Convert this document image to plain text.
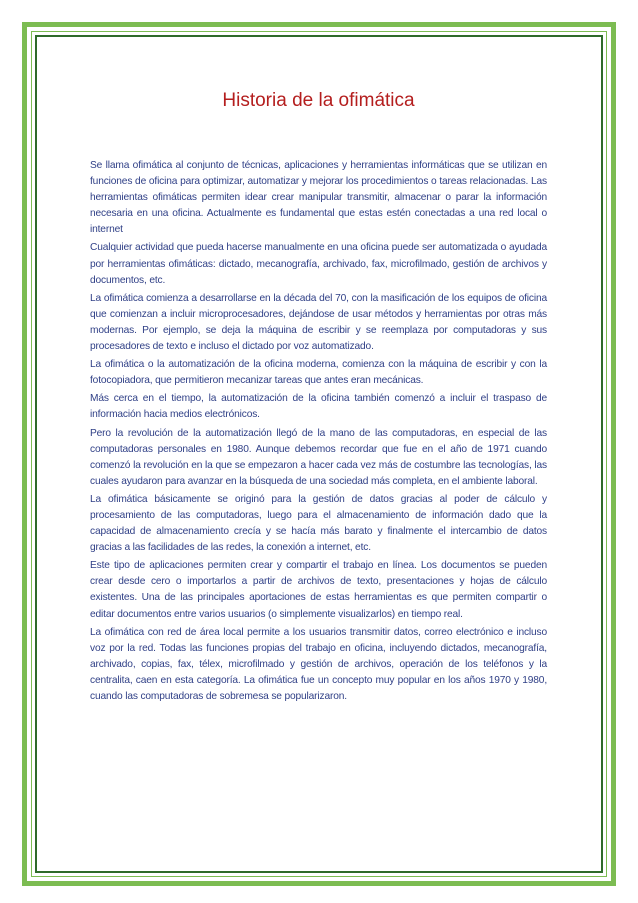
Historia de la ofimática

Se llama ofimática al conjunto de técnicas, aplicaciones y herramientas informáticas que se utilizan en funciones de oficina para optimizar, automatizar y mejorar los procedimientos o tareas relacionadas. Las herramientas ofimáticas permiten idear crear manipular transmitir, almacenar o parar la información necesaria en una oficina. Actualmente es fundamental que estas estén conectadas a una red local o internet

Cualquier actividad que pueda hacerse manualmente en una oficina puede ser automatizada o ayudada por herramientas ofimáticas: dictado, mecanografía, archivado, fax, microfilmado, gestión de archivos y documentos, etc.

La ofimática comienza a desarrollarse en la década del 70, con la masificación de los equipos de oficina que comienzan a incluir microprocesadores, dejándose de usar métodos y herramientas por otras más modernas. Por ejemplo, se deja la máquina de escribir y se reemplaza por computadoras y sus procesadores de texto e incluso el dictado por voz automatizado.

La ofimática o la automatización de la oficina moderna, comienza con la máquina de escribir y con la fotocopiadora, que permitieron mecanizar tareas que antes eran mecánicas.

Más cerca en el tiempo, la automatización de la oficina también comenzó a incluir el traspaso de información hacia medios electrónicos.

Pero la revolución de la automatización llegó de la mano de las computadoras, en especial de las computadoras personales en 1980. Aunque debemos recordar que fue en el año de 1971 cuando comenzó la revolución en la que se empezaron a hacer cada vez más de costumbre las tecnologías, las cuales ayudaron para avanzar en la búsqueda de una sociedad más completa, en el ambiente laboral.

La ofimática básicamente se originó para la gestión de datos gracias al poder de cálculo y procesamiento de las computadoras, luego para el almacenamiento de información dado que la capacidad de almacenamiento crecía y se hacía más barato y finalmente el intercambio de datos gracias a las facilidades de las redes, la conexión a internet, etc.

Este tipo de aplicaciones permiten crear y compartir el trabajo en línea. Los documentos se pueden crear desde cero o importarlos a partir de archivos de texto, presentaciones y hojas de cálculo existentes. Una de las principales aportaciones de estas herramientas es que permiten compartir o editar documentos entre varios usuarios (o simplemente visualizarlos) en tiempo real.

La ofimática con red de área local permite a los usuarios transmitir datos, correo electrónico e incluso voz por la red. Todas las funciones propias del trabajo en oficina, incluyendo dictados, mecanografía, archivado, copias, fax, télex, microfilmado y gestión de archivos, operación de los teléfonos y la centralita, caen en esta categoría. La ofimática fue un concepto muy popular en los años 1970 y 1980, cuando las computadoras de sobremesa se popularizaron.
